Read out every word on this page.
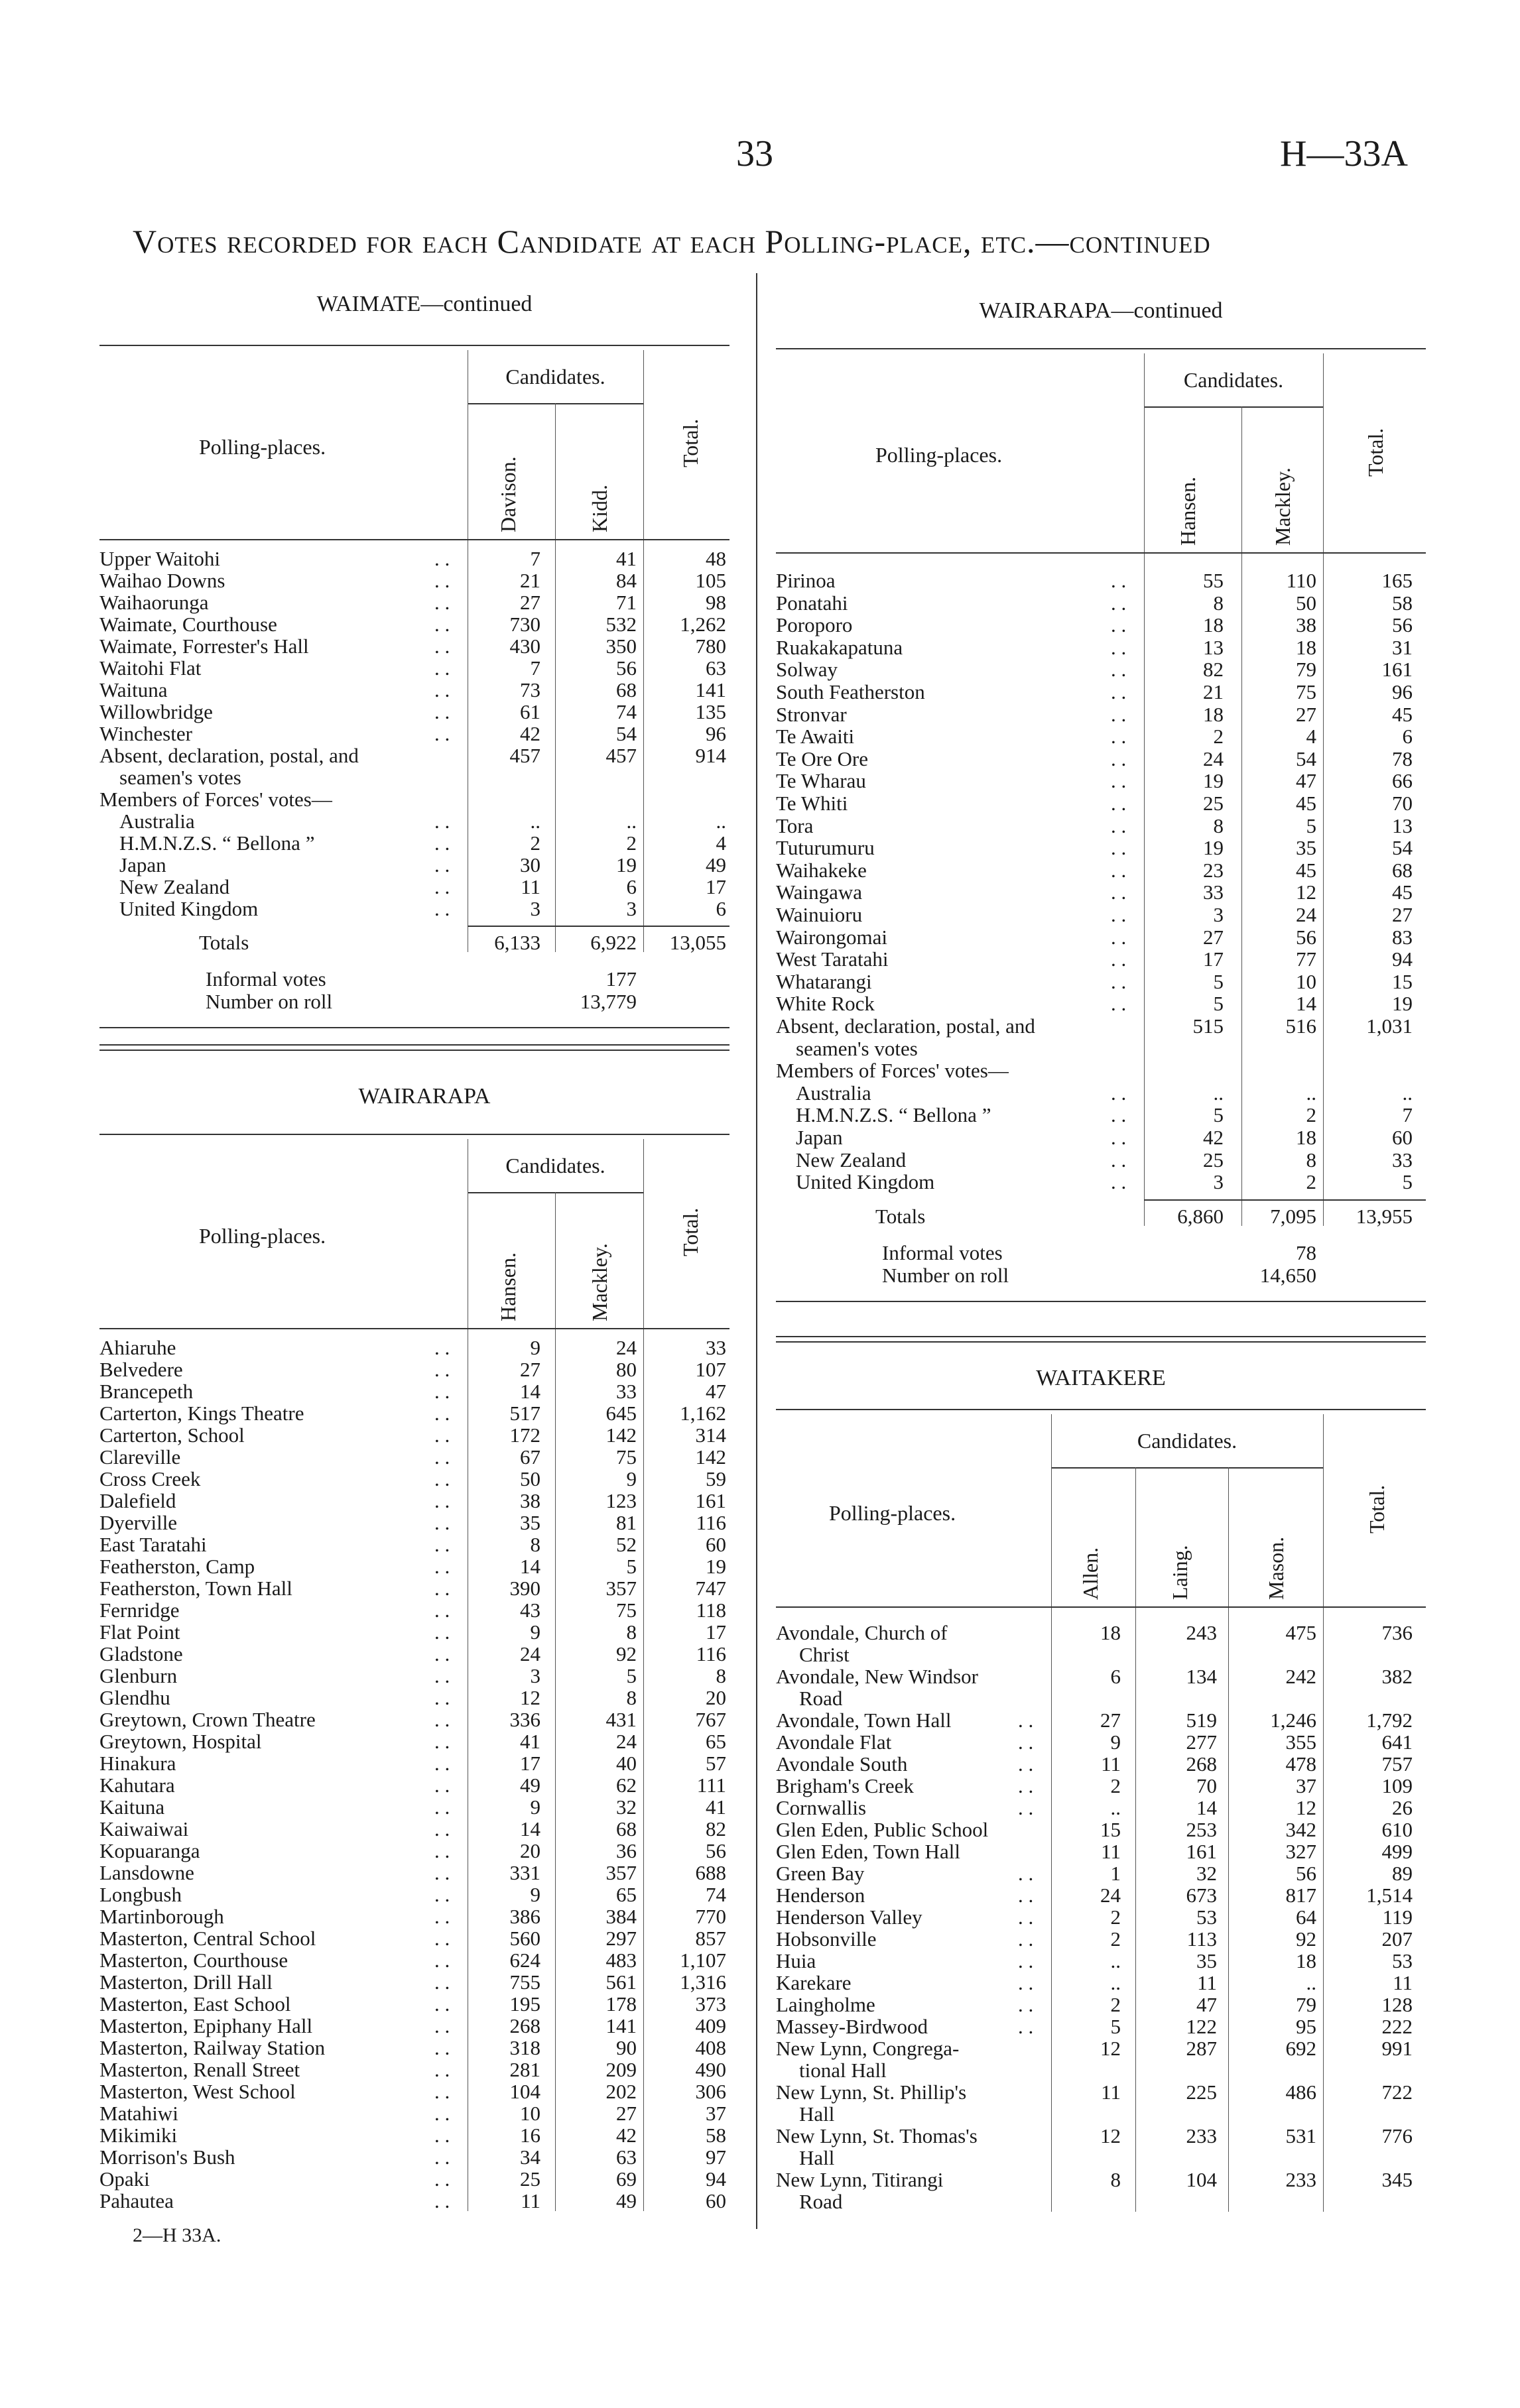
33	H—33A
Votes recorded for each Candidate at each Polling-place, etc.—continued
WAIMATE—continued
Polling-places.
Candidates.
Davison.	Kidd.
Total.
Upper Waitohi	. .	7	41	48
Waihao Downs	. .	21	84	105
Waihaorunga	. .	27	71	98
Waimate, Courthouse	. .	730	532	1,262
Waimate, Forrester's Hall	. .	430	350	780
Waitohi Flat	. .	7	56	63
Waituna	. .	73	68	141
Willowbridge	. .	61	74	135
Winchester	. .	42	54	96
Absent, declaration, postal, and	457	457	914
seamen's votes
Members of Forces' votes—
Australia	. .	..	..	..
H.M.N.Z.S. “ Bellona ”	. .	2	2	4
Japan	. .	30	19	49
New Zealand	. .	11	6	17
United Kingdom	. .	3	3	6
Totals	6,133	6,922	13,055
Informal votes	177
Number on roll	13,779
WAIRARAPA
Polling-places.
Candidates.
Hansen.	Mackley.
Total.
Ahiaruhe	. .	9	24	33
Belvedere	. .	27	80	107
Brancepeth	. .	14	33	47
Carterton, Kings Theatre	. .	517	645	1,162
Carterton, School	. .	172	142	314
Clareville	. .	67	75	142
Cross Creek	. .	50	9	59
Dalefield	. .	38	123	161
Dyerville	. .	35	81	116
East Taratahi	. .	8	52	60
Featherston, Camp	. .	14	5	19
Featherston, Town Hall	. .	390	357	747
Fernridge	. .	43	75	118
Flat Point	. .	9	8	17
Gladstone	. .	24	92	116
Glenburn	. .	3	5	8
Glendhu	. .	12	8	20
Greytown, Crown Theatre	. .	336	431	767
Greytown, Hospital	. .	41	24	65
Hinakura	. .	17	40	57
Kahutara	. .	49	62	111
Kaituna	. .	9	32	41
Kaiwaiwai	. .	14	68	82
Kopuaranga	. .	20	36	56
Lansdowne	. .	331	357	688
Longbush	. .	9	65	74
Martinborough	. .	386	384	770
Masterton, Central School	. .	560	297	857
Masterton, Courthouse	. .	624	483	1,107
Masterton, Drill Hall	. .	755	561	1,316
Masterton, East School	. .	195	178	373
Masterton, Epiphany Hall	. .	268	141	409
Masterton, Railway Station	. .	318	90	408
Masterton, Renall Street	. .	281	209	490
Masterton, West School	. .	104	202	306
Matahiwi	. .	10	27	37
Mikimiki	. .	16	42	58
Morrison's Bush	. .	34	63	97
Opaki	. .	25	69	94
Pahautea	. .	11	49	60
WAIRARAPA—continued
Polling-places.
Candidates.
Hansen.	Mackley.
Total.
Pirinoa	. .	55	110	165
Ponatahi	. .	8	50	58
Poroporo	. .	18	38	56
Ruakakapatuna	. .	13	18	31
Solway	. .	82	79	161
South Featherston	. .	21	75	96
Stronvar	. .	18	27	45
Te Awaiti	. .	2	4	6
Te Ore Ore	. .	24	54	78
Te Wharau	. .	19	47	66
Te Whiti	. .	25	45	70
Tora	. .	8	5	13
Tuturumuru	. .	19	35	54
Waihakeke	. .	23	45	68
Waingawa	. .	33	12	45
Wainuioru	. .	3	24	27
Wairongomai	. .	27	56	83
West Taratahi	. .	17	77	94
Whatarangi	. .	5	10	15
White Rock	. .	5	14	19
Absent, declaration, postal, and	515	516	1,031
seamen's votes
Members of Forces' votes—
Australia	. .	..	..	..
H.M.N.Z.S. “ Bellona ”	. .	5	2	7
Japan	. .	42	18	60
New Zealand	. .	25	8	33
United Kingdom	. .	3	2	5
Totals	6,860	7,095	13,955
Informal votes	78
Number on roll	14,650
WAITAKERE
Polling-places.
Candidates.
Allen.	Laing.	Mason.
Total.
Avondale, Church of	18	243	475	736
Christ
Avondale, New Windsor	6	134	242	382
Road
Avondale, Town Hall	. .	27	519	1,246	1,792
Avondale Flat	. .	9	277	355	641
Avondale South	. .	11	268	478	757
Brigham's Creek	. .	2	70	37	109
Cornwallis	. .	..	14	12	26
Glen Eden, Public School	15	253	342	610
Glen Eden, Town Hall	11	161	327	499
Green Bay	. .	1	32	56	89
Henderson	. .	24	673	817	1,514
Henderson Valley	. .	2	53	64	119
Hobsonville	. .	2	113	92	207
Huia	. .	..	35	18	53
Karekare	. .	..	11	..	11
Laingholme	. .	2	47	79	128
Massey-Birdwood	. .	5	122	95	222
New Lynn, Congrega-	12	287	692	991
tional Hall
New Lynn, St. Phillip's	11	225	486	722
Hall
New Lynn, St. Thomas's	12	233	531	776
Hall
New Lynn, Titirangi	8	104	233	345
Road
2—H 33A.
